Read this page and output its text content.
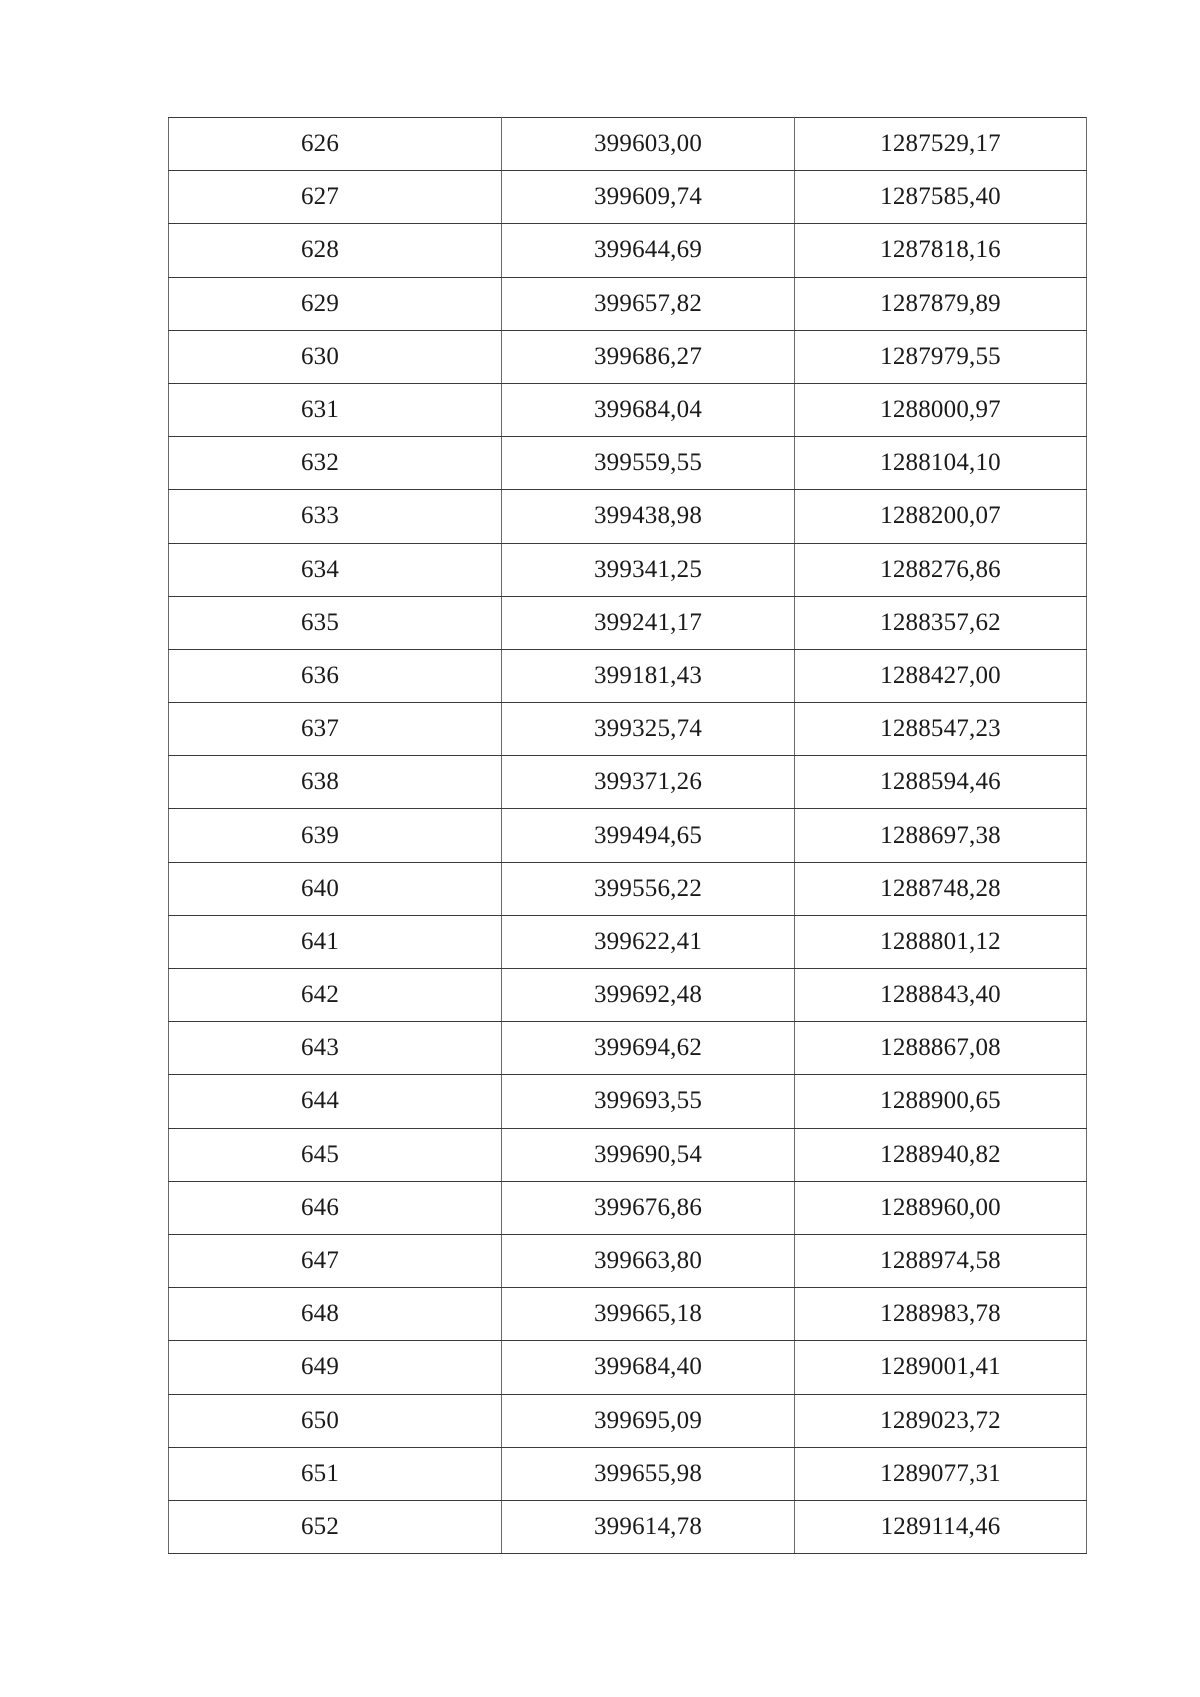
626	399603,00	1287529,17
627	399609,74	1287585,40
628	399644,69	1287818,16
629	399657,82	1287879,89
630	399686,27	1287979,55
631	399684,04	1288000,97
632	399559,55	1288104,10
633	399438,98	1288200,07
634	399341,25	1288276,86
635	399241,17	1288357,62
636	399181,43	1288427,00
637	399325,74	1288547,23
638	399371,26	1288594,46
639	399494,65	1288697,38
640	399556,22	1288748,28
641	399622,41	1288801,12
642	399692,48	1288843,40
643	399694,62	1288867,08
644	399693,55	1288900,65
645	399690,54	1288940,82
646	399676,86	1288960,00
647	399663,80	1288974,58
648	399665,18	1288983,78
649	399684,40	1289001,41
650	399695,09	1289023,72
651	399655,98	1289077,31
652	399614,78	1289114,46
